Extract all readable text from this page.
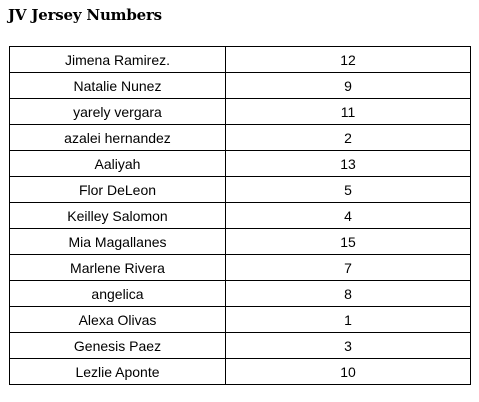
JV Jersey Numbers
Jimena Ramirez.	12
Natalie Nunez	9
yarely vergara	11
azalei hernandez	2
Aaliyah	13
Flor DeLeon	5
Keilley Salomon	4
Mia Magallanes	15
Marlene Rivera	7
angelica	8
Alexa Olivas	1
Genesis Paez	3
Lezlie Aponte	10
